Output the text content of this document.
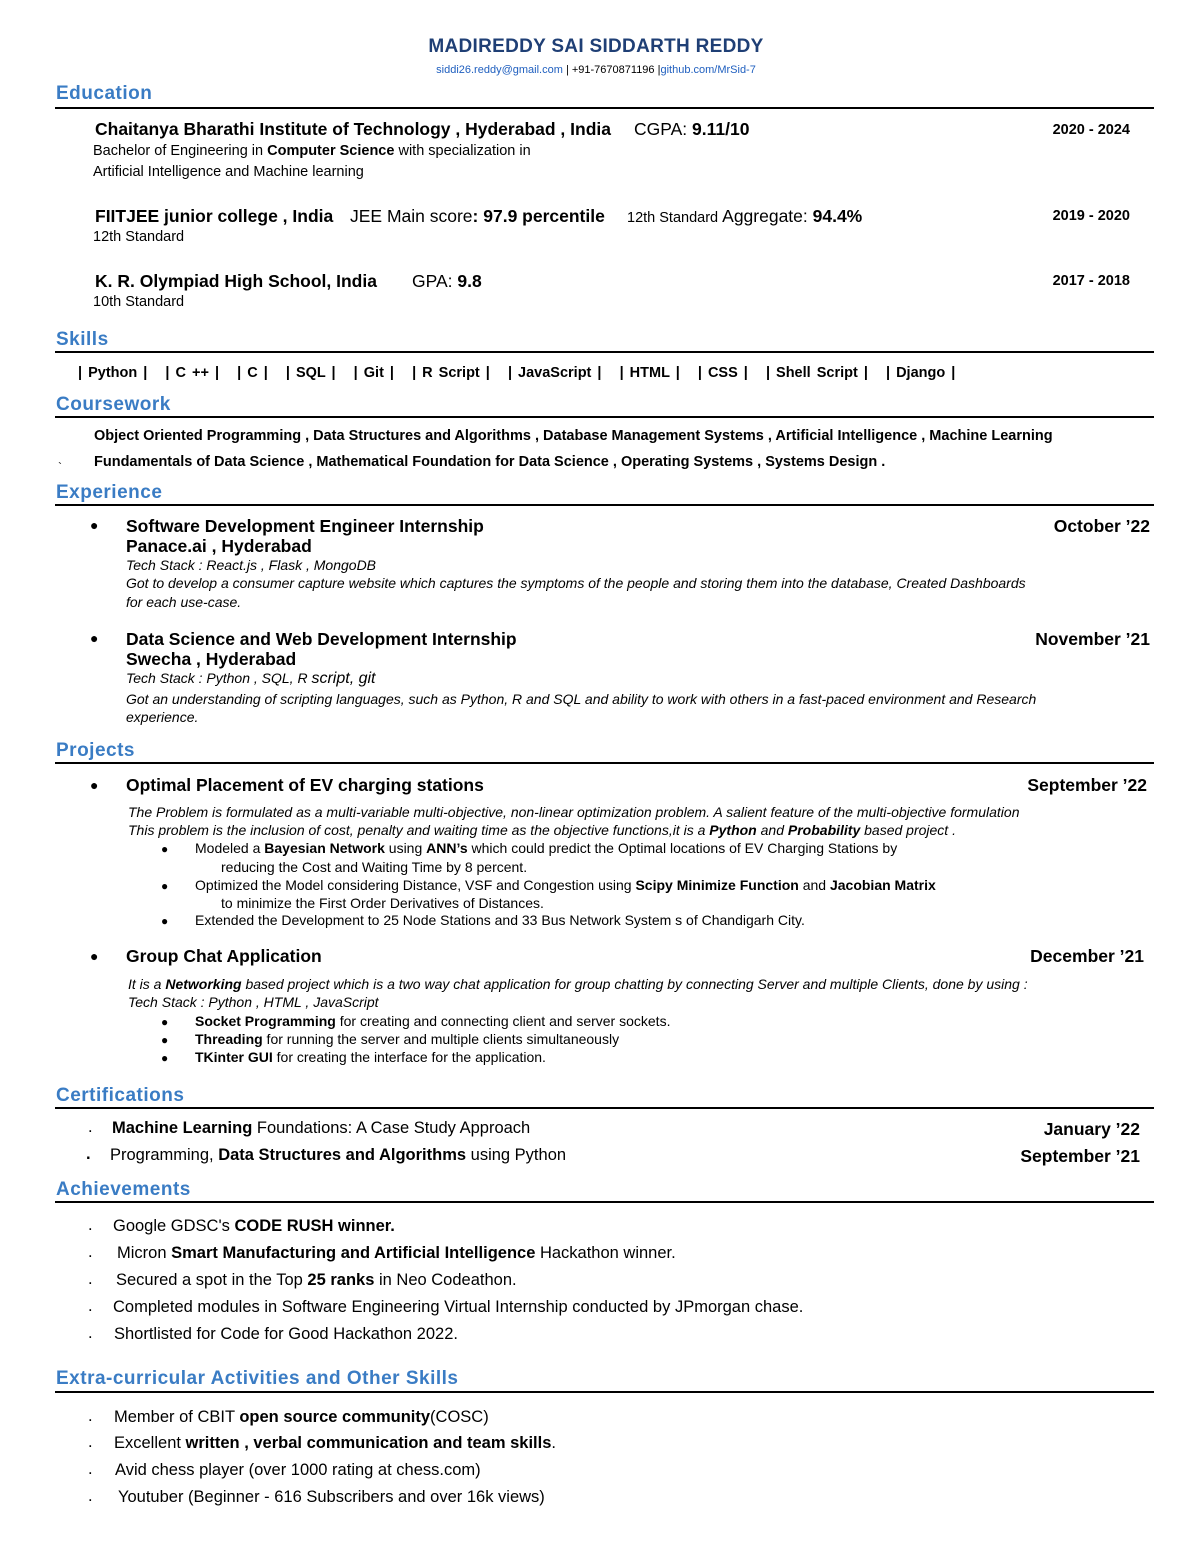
MADIREDDY SAI SIDDARTH REDDY
siddi26.reddy@gmail.com | +91-7670871196 |github.com/MrSid-7
Education
Chaitanya Bharathi Institute of Technology , Hyderabad , India CGPA: 9.11/10	2020 - 2024
Bachelor of Engineering in Computer Science with specialization in
Artificial Intelligence and Machine learning
FIITJEE junior college , India JEE Main score: 97.9 percentile 12th Standard Aggregate: 94.4%	2019 - 2020
12th Standard
K. R. Olympiad High School, India GPA: 9.8	2017 - 2018
10th Standard
Skills
| Python |   | C ++ |   | C |   | SQL |   | Git |   | R Script |   | JavaScript |   | HTML |   | CSS |   | Shell Script |   | Django |
Coursework
Object Oriented Programming , Data Structures and Algorithms , Database Management Systems , Artificial Intelligence , Machine Learning
Fundamentals of Data Science , Mathematical Foundation for Data Science , Operating Systems , Systems Design .
`
Experience
● Software Development Engineer Internship	October ’22
Panace.ai , Hyderabad
Tech Stack : React.js , Flask , MongoDB
Got to develop a consumer capture website which captures the symptoms of the people and storing them into the database, Created Dashboards
for each use-case.
● Data Science and Web Development Internship	November ’21
Swecha , Hyderabad
Tech Stack : Python , SQL, R script, git
Got an understanding of scripting languages, such as Python, R and SQL and ability to work with others in a fast-paced environment and Research
experience.
Projects
● Optimal Placement of EV charging stations	September ’22
The Problem is formulated as a multi-variable multi-objective, non-linear optimization problem. A salient feature of the multi-objective formulation
This problem is the inclusion of cost, penalty and waiting time as the objective functions,it is a Python and Probability based project .
● Modeled a Bayesian Network using ANN’s which could predict the Optimal locations of EV Charging Stations by
reducing the Cost and Waiting Time by 8 percent.
● Optimized the Model considering Distance, VSF and Congestion using Scipy Minimize Function and Jacobian Matrix
to minimize the First Order Derivatives of Distances.
● Extended the Development to 25 Node Stations and 33 Bus Network System s of Chandigarh City.
● Group Chat Application	December ’21
It is a Networking based project which is a two way chat application for group chatting by connecting Server and multiple Clients, done by using :
Tech Stack : Python , HTML , JavaScript
● Socket Programming for creating and connecting client and server sockets.
● Threading for running the server and multiple clients simultaneously
● TKinter GUI for creating the interface for the application.
Certifications
. Machine Learning Foundations: A Case Study Approach	January ’22
. Programming, Data Structures and Algorithms using Python	September ’21
Achievements
. Google GDSC's CODE RUSH winner.
. Micron Smart Manufacturing and Artificial Intelligence Hackathon winner.
. Secured a spot in the Top 25 ranks in Neo Codeathon.
. Completed modules in Software Engineering Virtual Internship conducted by JPmorgan chase.
. Shortlisted for Code for Good Hackathon 2022.
Extra-curricular Activities and Other Skills
. Member of CBIT open source community(COSC)
. Excellent written , verbal communication and team skills.
. Avid chess player (over 1000 rating at chess.com)
. Youtuber (Beginner - 616 Subscribers and over 16k views)
